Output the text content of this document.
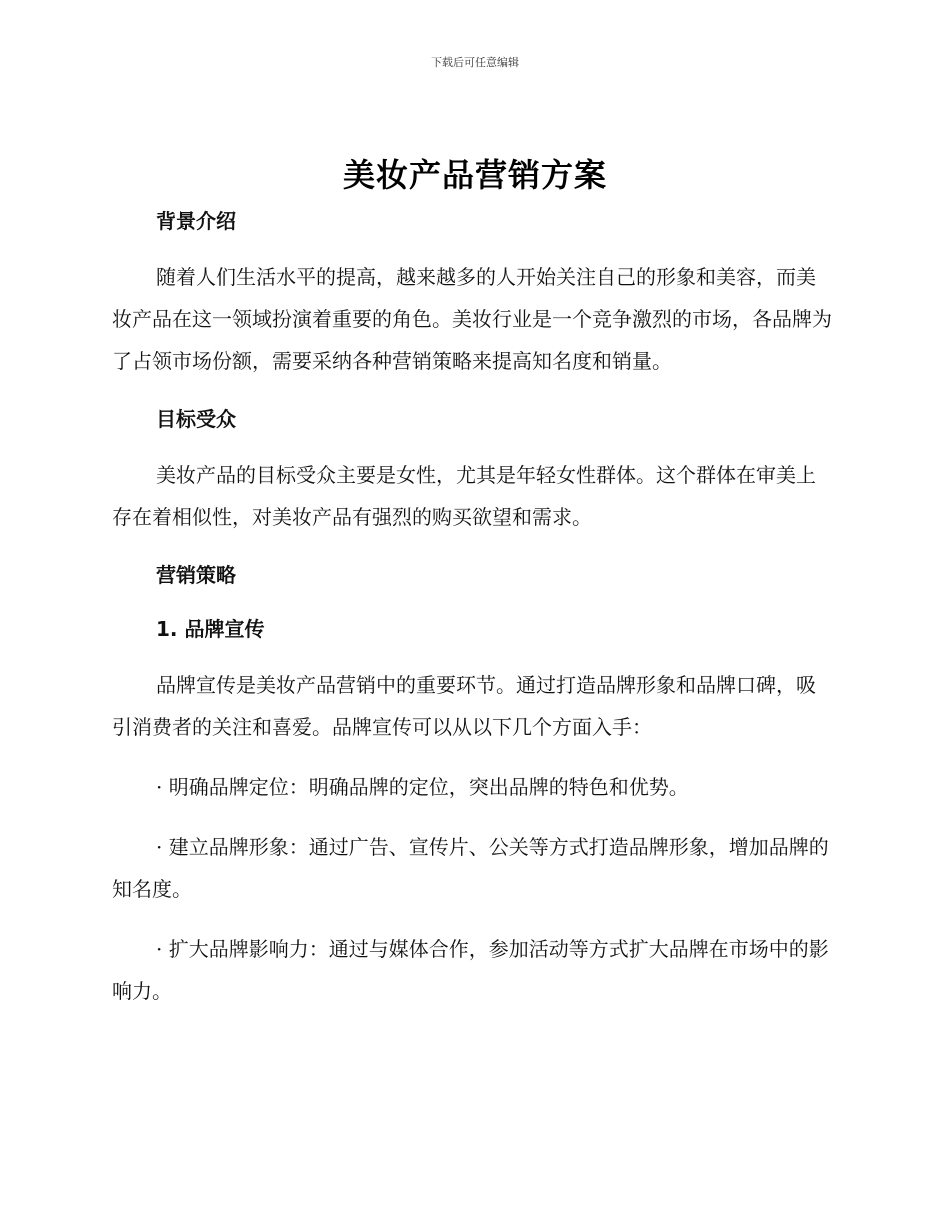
下载后可任意编辑
美妆产品营销方案
背景介绍

随着人们生活水平的提高，越来越多的人开始关注自己的形象和美容，而美妆产品在这一领域扮演着重要的角色。美妆行业是一个竞争激烈的市场，各品牌为了占领市场份额，需要采纳各种营销策略来提高知名度和销量。

目标受众

美妆产品的目标受众主要是女性，尤其是年轻女性群体。这个群体在审美上存在着相似性，对美妆产品有强烈的购买欲望和需求。

营销策略
1. 品牌宣传

品牌宣传是美妆产品营销中的重要环节。通过打造品牌形象和品牌口碑，吸引消费者的关注和喜爱。品牌宣传可以从以下几个方面入手：

· 明确品牌定位：明确品牌的定位，突出品牌的特色和优势。

· 建立品牌形象：通过广告、宣传片、公关等方式打造品牌形象，增加品牌的知名度。

· 扩大品牌影响力：通过与媒体合作，参加活动等方式扩大品牌在市场中的影响力。
